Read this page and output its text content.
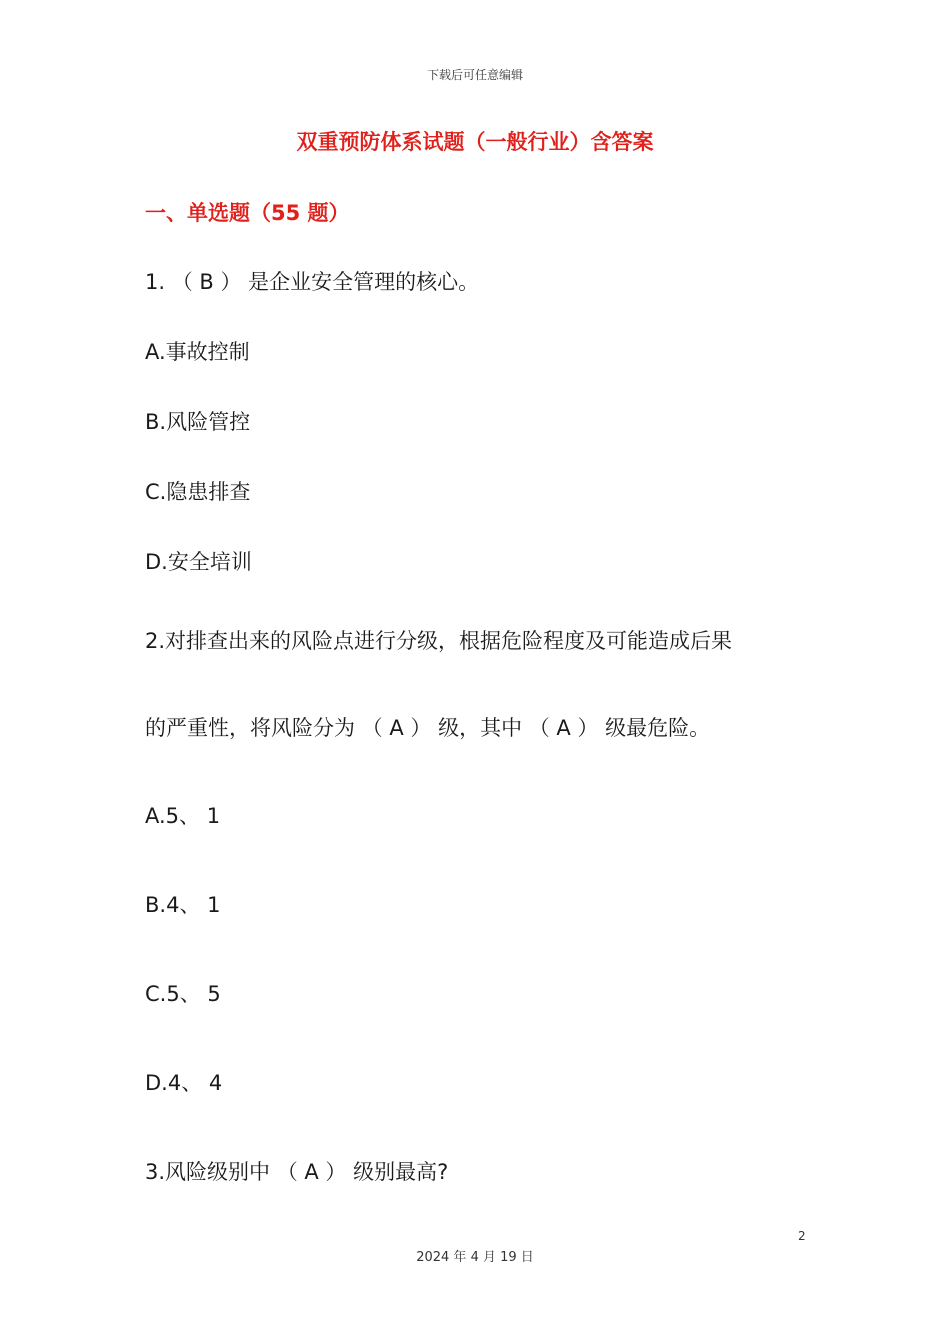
下载后可任意编辑
双重预防体系试题（一般行业）含答案
一、单选题（55 题）
1. （ B ） 是企业安全管理的核心。
A.事故控制
B.风险管控
C.隐患排查
D.安全培训
2.对排查出来的风险点进行分级，根据危险程度及可能造成后果
的严重性，将风险分为 （ A ） 级，其中 （ A ） 级最危险。
A.5、 1
B.4、 1
C.5、 5
D.4、 4
3.风险级别中 （ A ） 级别最高?
2
2024 年 4 月 19 日
